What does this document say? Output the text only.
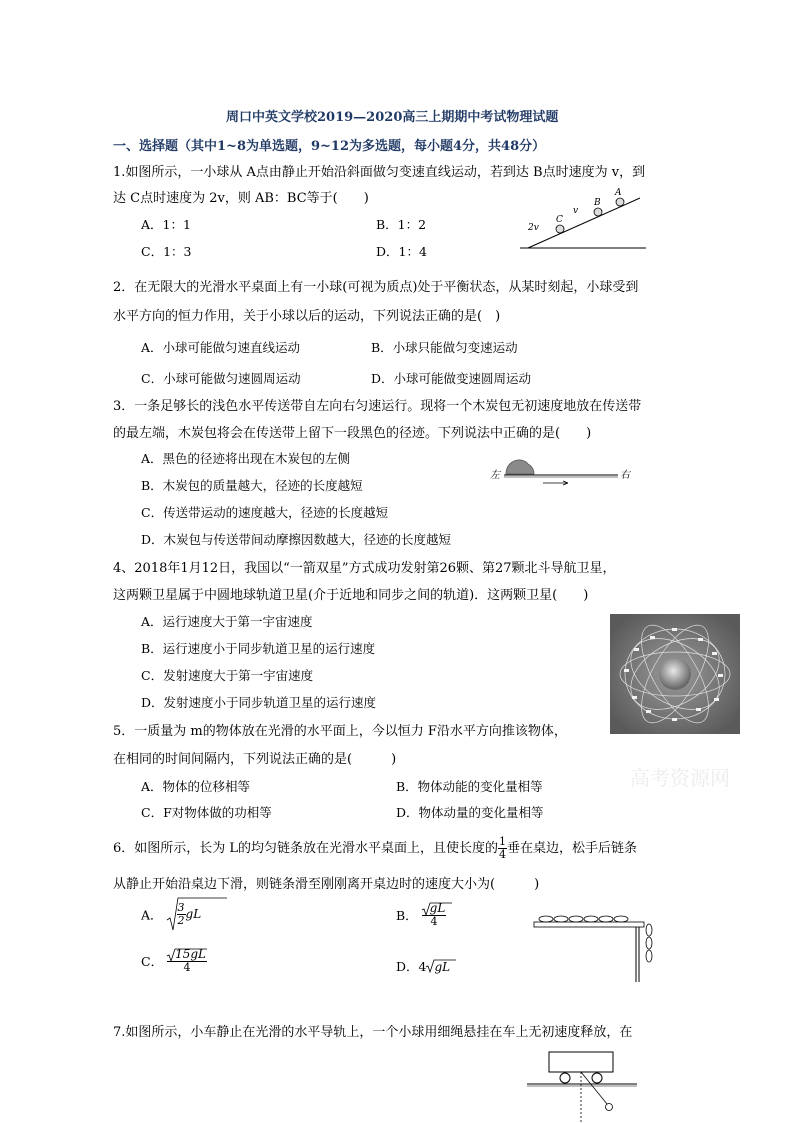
周口中英文学校2019—2020高三上期期中考试物理试题
一、选择题（其中1~8为单选题，9~12为多选题，每小题4分，共48分）
1.如图所示，一小球从 A点由静止开始沿斜面做匀变速直线运动，若到达 B点时速度为 v，到
达 C点时速度为 2v，则 AB：BC等于(　　)
A．1：1	B．1：2
C．1：3	D．1：4
A
B
v
C
2v
2．在无限大的光滑水平桌面上有一小球(可视为质点)处于平衡状态，从某时刻起，小球受到
水平方向的恒力作用，关于小球以后的运动，下列说法正确的是(　)
A．小球可能做匀速直线运动	B．小球只能做匀变速运动
C．小球可能做匀速圆周运动	D．小球可能做变速圆周运动
3．一条足够长的浅色水平传送带自左向右匀速运行。现将一个木炭包无初速度地放在传送带
的最左端，木炭包将会在传送带上留下一段黑色的径迹。下列说法中正确的是(　　)
A．黑色的径迹将出现在木炭包的左侧
B．木炭包的质量越大，径迹的长度越短
C．传送带运动的速度越大，径迹的长度越短
D．木炭包与传送带间动摩擦因数越大，径迹的长度越短
左	右
4、2018年1月12日，我国以“一箭双星”方式成功发射第26颗、第27颗北斗导航卫星，
这两颗卫星属于中圆地球轨道卫星(介于近地和同步之间的轨道)．这两颗卫星(　　)
A．运行速度大于第一宇宙速度
B．运行速度小于同步轨道卫星的运行速度
C．发射速度大于第一宇宙速度
D．发射速度小于同步轨道卫星的运行速度
5．一质量为 m的物体放在光滑的水平面上，今以恒力 F沿水平方向推该物体，
在相同的时间间隔内，下列说法正确的是(　　　)
A．物体的位移相等	B．物体动能的变化量相等
C．F对物体做的功相等	D．物体动量的变化量相等
高考资源网
6．如图所示，长为 L的均匀链条放在光滑水平桌面上，且使长度的 $\frac{1}{4}$ 垂在桌边，松手后链条
从静止开始沿桌边下滑，则链条滑至刚刚离开桌边时的速度大小为(　　　)
A． $\frac{3}{2}$ gL	B． $\frac{gL}{4}$
C． $\frac{15gL}{4}$	D．4 gL
7.如图所示，小车静止在光滑的水平导轨上，一个小球用细绳悬挂在车上无初速度释放，在
